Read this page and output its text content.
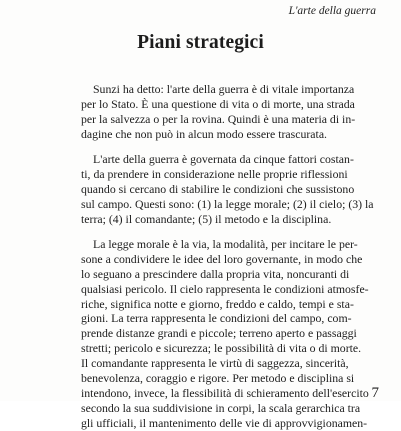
L'arte della guerra
Piani strategici
Sunzi ha detto: l'arte della guerra è di vitale importanza
per lo Stato. È una questione di vita o di morte, una strada
per la salvezza o per la rovina. Quindi è una materia di in-
dagine che non può in alcun modo essere trascurata.
L'arte della guerra è governata da cinque fattori costan-
ti, da prendere in considerazione nelle proprie riflessioni
quando si cercano di stabilire le condizioni che sussistono
sul campo. Questi sono: (1) la legge morale; (2) il cielo; (3) la
terra; (4) il comandante; (5) il metodo e la disciplina.
La legge morale è la via, la modalità, per incitare le per-
sone a condividere le idee del loro governante, in modo che
lo seguano a prescindere dalla propria vita, noncuranti di
qualsiasi pericolo. Il cielo rappresenta le condizioni atmosfe-
riche, significa notte e giorno, freddo e caldo, tempi e sta-
gioni. La terra rappresenta le condizioni del campo, com-
prende distanze grandi e piccole; terreno aperto e passaggi
stretti; pericolo e sicurezza; le possibilità di vita o di morte.
Il comandante rappresenta le virtù di saggezza, sincerità,
benevolenza, coraggio e rigore. Per metodo e disciplina si
intendono, invece, la flessibilità di schieramento dell'esercito
secondo la sua suddivisione in corpi, la scala gerarchica tra
gli ufficiali, il mantenimento delle vie di approvvigionamen-
7
